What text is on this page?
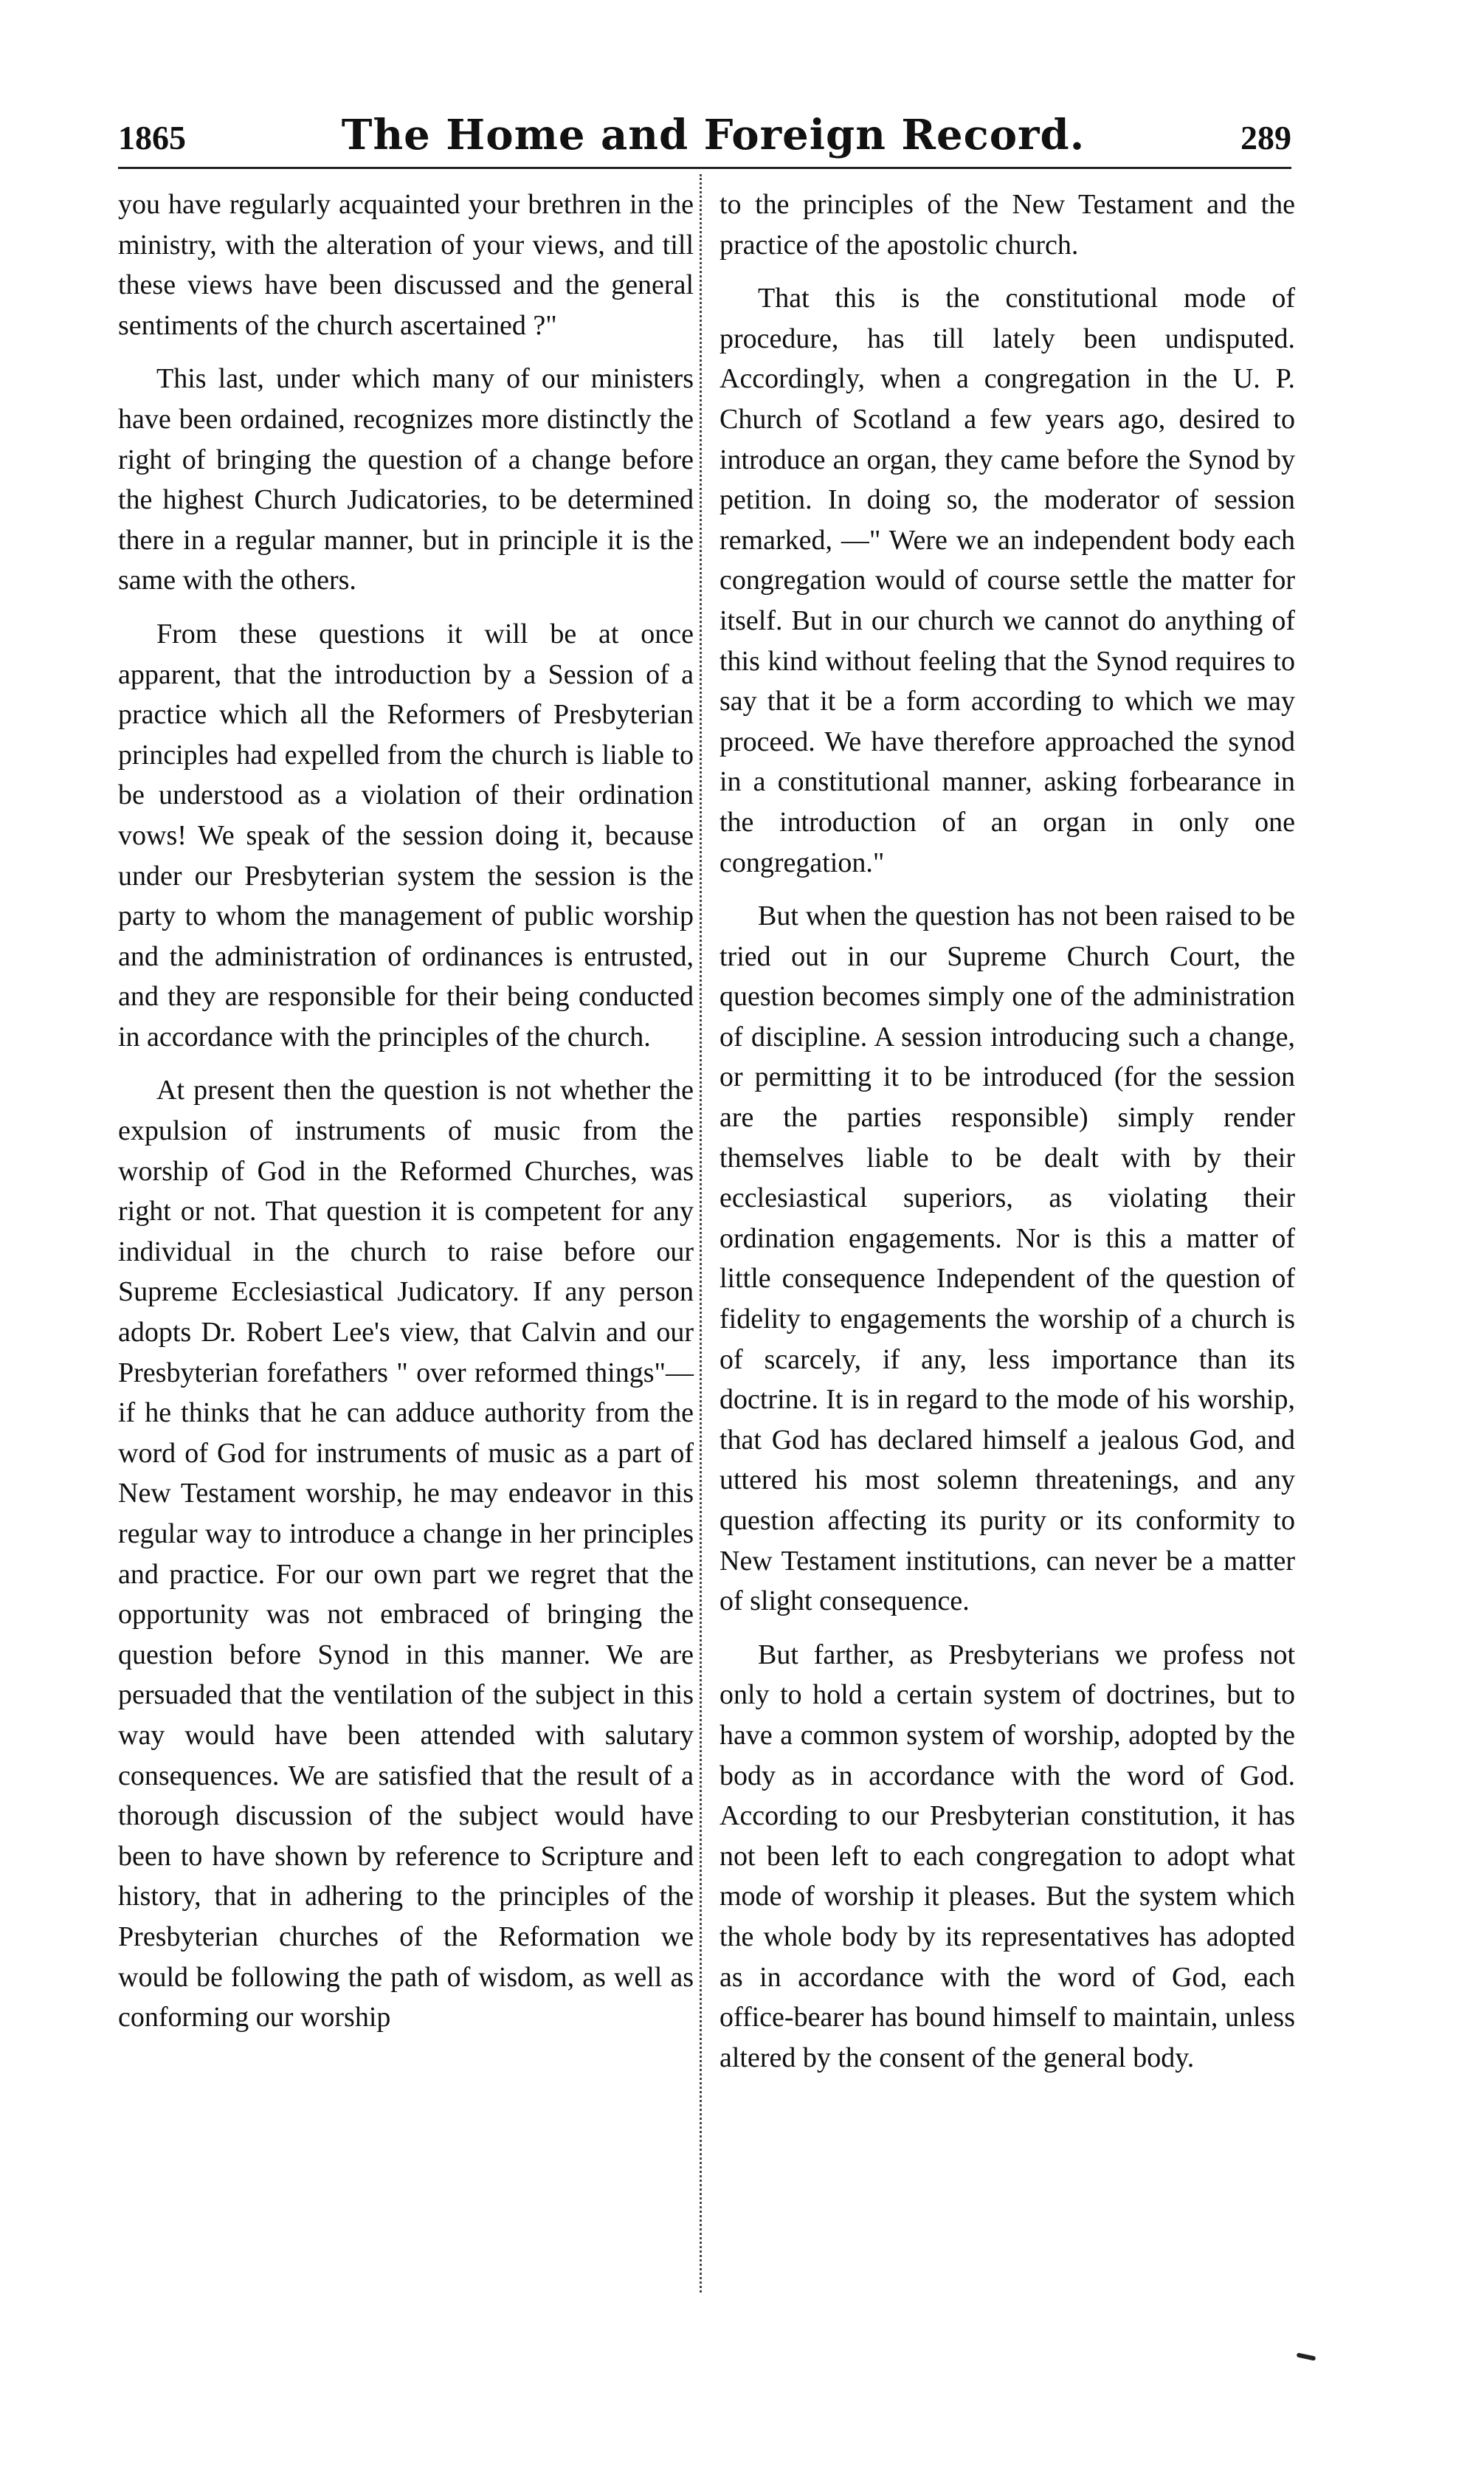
1865	The Home and Foreign Record.	289

you have regularly acquainted your brethren in the ministry, with the alteration of your views, and till these views have been discussed and the general sentiments of the church ascertained ?"

This last, under which many of our ministers have been ordained, recognizes more distinctly the right of bringing the question of a change before the highest Church Judicatories, to be determined there in a regular manner, but in principle it is the same with the others.

From these questions it will be at once apparent, that the introduction by a Session of a practice which all the Reformers of Presbyterian principles had expelled from the church is liable to be understood as a violation of their ordination vows! We speak of the session doing it, because under our Presbyterian system the session is the party to whom the management of public worship and the administration of ordinances is entrusted, and they are responsible for their being conducted in accordance with the principles of the church.

At present then the question is not whether the expulsion of instruments of music from the worship of God in the Reformed Churches, was right or not. That question it is competent for any individual in the church to raise before our Supreme Ecclesiastical Judicatory. If any person adopts Dr. Robert Lee's view, that Calvin and our Presbyterian forefathers " over reformed things"—if he thinks that he can adduce authority from the word of God for instruments of music as a part of New Testament worship, he may endeavor in this regular way to introduce a change in her principles and practice. For our own part we regret that the opportunity was not embraced of bringing the question before Synod in this manner. We are persuaded that the ventilation of the subject in this way would have been attended with salutary consequences. We are satisfied that the result of a thorough discussion of the subject would have been to have shown by reference to Scripture and history, that in adhering to the principles of the Presbyterian churches of the Reformation we would be following the path of wisdom, as well as conforming our worship

to the principles of the New Testament and the practice of the apostolic church.

That this is the constitutional mode of procedure, has till lately been undisputed. Accordingly, when a congregation in the U. P. Church of Scotland a few years ago, desired to introduce an organ, they came before the Synod by petition. In doing so, the moderator of session remarked, —" Were we an independent body each congregation would of course settle the matter for itself. But in our church we cannot do anything of this kind without feeling that the Synod requires to say that it be a form according to which we may proceed. We have therefore approached the synod in a constitutional manner, asking forbearance in the introduction of an organ in only one congregation."

But when the question has not been raised to be tried out in our Supreme Church Court, the question becomes simply one of the administration of discipline. A session introducing such a change, or permitting it to be introduced (for the session are the parties responsible) simply render themselves liable to be dealt with by their ecclesiastical superiors, as violating their ordination engagements. Nor is this a matter of little consequence Independent of the question of fidelity to engagements the worship of a church is of scarcely, if any, less importance than its doctrine. It is in regard to the mode of his worship, that God has declared himself a jealous God, and uttered his most solemn threatenings, and any question affecting its purity or its conformity to New Testament institutions, can never be a matter of slight consequence.

But farther, as Presbyterians we profess not only to hold a certain system of doctrines, but to have a common system of worship, adopted by the body as in accordance with the word of God. According to our Presbyterian constitution, it has not been left to each congregation to adopt what mode of worship it pleases. But the system which the whole body by its representatives has adopted as in accordance with the word of God, each office-bearer has bound himself to maintain, unless altered by the consent of the general body.
